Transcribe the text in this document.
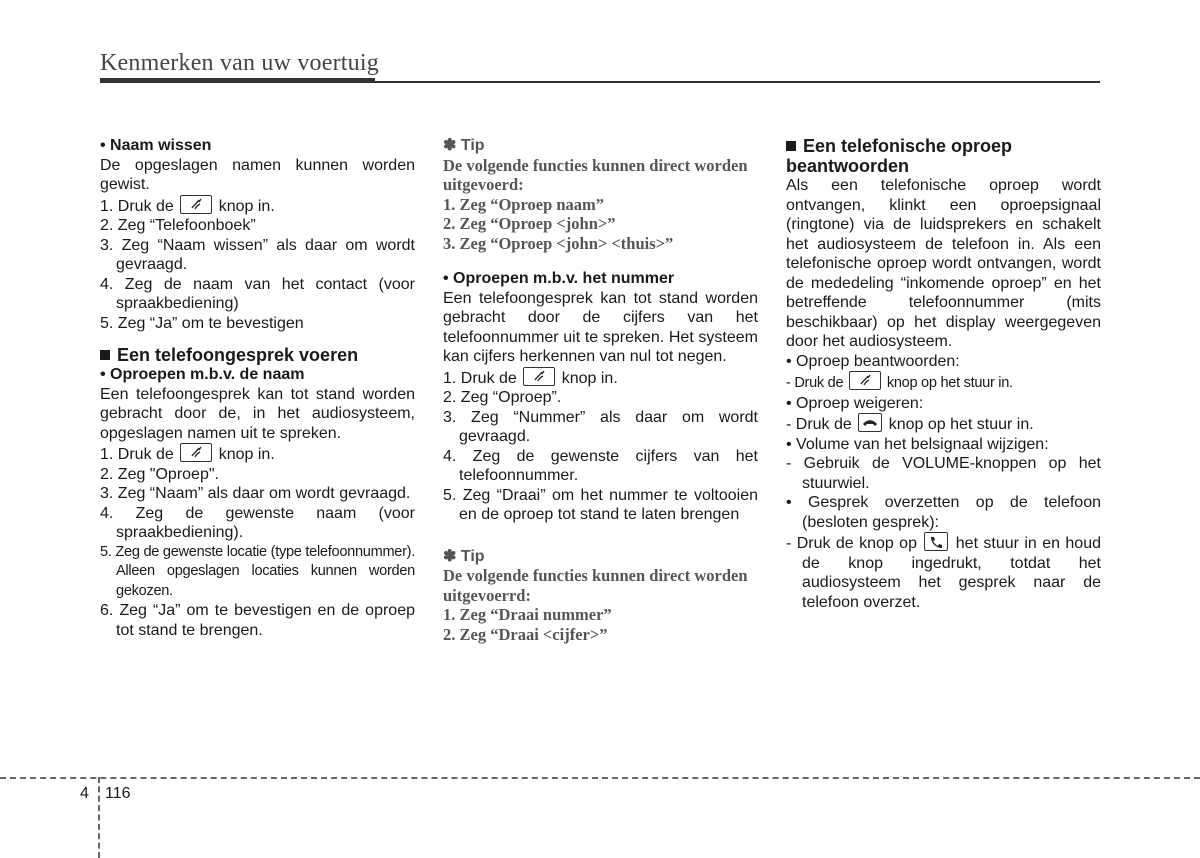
Kenmerken van uw voertuig

• Naam wissen

De opgeslagen namen kunnen worden gewist.

1. Druk de	knop in.

2. Zeg “Telefoonboek”

3. Zeg “Naam wissen” als daar om wordt gevraagd.

4. Zeg de naam van het contact (voor spraakbediening)

5. Zeg “Ja” om te bevestigen

Een telefoongesprek voeren

• Oproepen m.b.v. de naam

Een telefoongesprek kan tot stand worden gebracht door de, in het audiosysteem, opgeslagen namen uit te spreken.

1. Druk de	knop in.

2. Zeg "Oproep".

3. Zeg “Naam” als daar om wordt gevraagd.

4. Zeg de gewenste naam (voor spraakbediening).

5. Zeg de gewenste locatie (type telefoonnummer). Alleen opgeslagen locaties kunnen worden gekozen.

6. Zeg “Ja” om te bevestigen en de oproep tot stand te brengen.

✽ Tip

De volgende functies kunnen direct worden uitgevoerd:

1. Zeg “Oproep naam”

2. Zeg “Oproep <john>”

3. Zeg “Oproep <john> <thuis>”

• Oproepen m.b.v. het nummer

Een telefoongesprek kan tot stand worden gebracht door de cijfers van het telefoonnummer uit te spreken. Het systeem kan cijfers herkennen van nul tot negen.

1. Druk de	knop in.

2. Zeg “Oproep”.

3. Zeg “Nummer” als daar om wordt gevraagd.

4. Zeg de gewenste cijfers van het telefoonnummer.

5. Zeg “Draai” om het nummer te voltooien en de oproep tot stand te laten brengen

✽ Tip

De volgende functies kunnen direct worden uitgevoerrd:

1. Zeg “Draai nummer”

2. Zeg “Draai <cijfer>”

Een telefonische oproep beantwoorden

Als een telefonische oproep wordt ontvangen, klinkt een oproepsignaal (ringtone) via de luidsprekers en schakelt het audiosysteem de telefoon in. Als een telefonische oproep wordt ontvangen, wordt de mededeling “inkomende oproep” en het betreffende telefoonnummer (mits beschikbaar) op het display weergegeven door het audiosysteem.

• Oproep beantwoorden:

- Druk de	knop op het stuur in.

• Oproep weigeren:

- Druk de knop op het stuur in.

• Volume van het belsignaal wijzigen:

- Gebruik de VOLUME-knoppen op het stuurwiel.

• Gesprek overzetten op de telefoon (besloten gesprek):

- Druk de knop op het stuur in en houd de knop ingedrukt, totdat het audiosysteem het gesprek naar de telefoon overzet.

4 116
